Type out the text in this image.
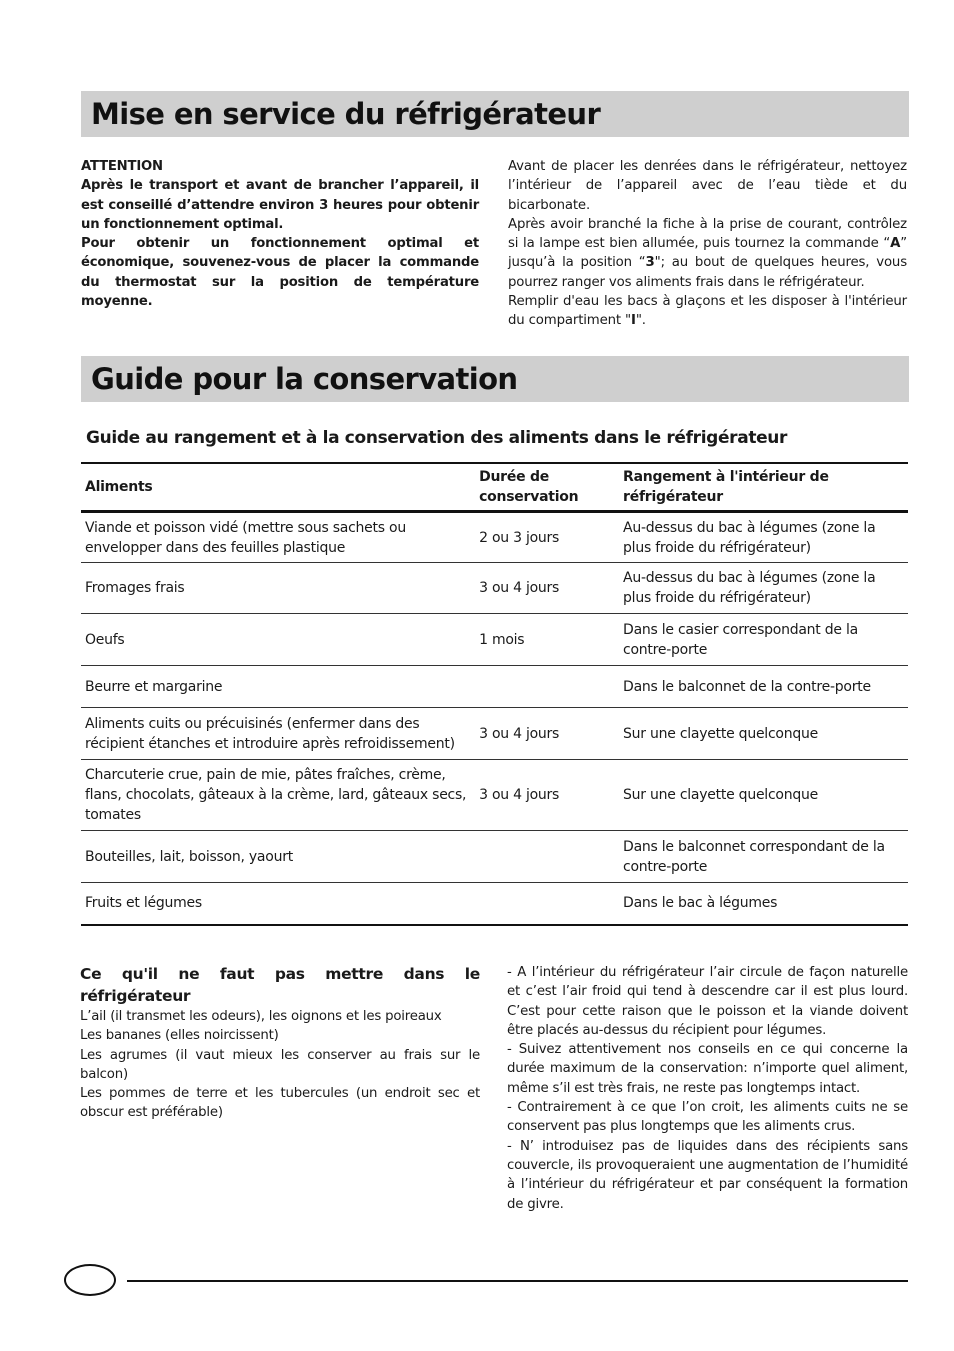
Mise en service du réfrigérateur

ATTENTION

Après le transport et avant de brancher l’appareil, il est conseillé d’attendre environ 3 heures pour obtenir un fonctionnement optimal.

Pour obtenir un fonctionnement optimal et économique, souvenez-vous de placer la commande du thermostat sur la position de température moyenne.

Avant de placer les denrées dans le réfrigérateur, nettoyez l’intérieur de l’appareil avec de l’eau tiède et du bicarbonate.

Après avoir branché la fiche à la prise de courant, contrôlez si la lampe est bien allumée, puis tournez la commande “A” jusqu’à la position “3"; au bout de quelques heures, vous pourrez ranger vos aliments frais dans le réfrigérateur.

Remplir d'eau les bacs à glaçons et les disposer à l'intérieur du compartiment "I".

Guide pour la conservation
Guide au rangement et à la conservation des aliments dans le réfrigérateur
Aliments	Durée de conservation	Rangement à l'intérieur de réfrigérateur
Viande et poisson vidé (mettre sous sachets ou envelopper dans des feuilles plastique	2 ou 3 jours	Au-dessus du bac à légumes (zone la plus froide du réfrigérateur)
Fromages frais	3 ou 4 jours	Au-dessus du bac à légumes (zone la plus froide du réfrigérateur)
Oeufs	1 mois	Dans le casier correspondant de la contre-porte
Beurre et margarine		Dans le balconnet de la contre-porte
Aliments cuits ou précuisinés (enfermer dans des récipient étanches et introduire après refroidissement)	3 ou 4 jours	Sur une clayette quelconque
Charcuterie crue, pain de mie, pâtes fraîches, crème, flans, chocolats, gâteaux à la crème, lard, gâteaux secs, tomates	3 ou 4 jours	Sur une clayette quelconque
Bouteilles, lait, boisson, yaourt		Dans le balconnet correspondant de la contre-porte
Fruits et légumes		Dans le bac à légumes
Ce qu'il ne faut pas mettre dans le réfrigérateur

L’ail (il transmet les odeurs), les oignons et les poireaux

Les bananes (elles noircissent)

Les agrumes (il vaut mieux les conserver au frais sur le balcon)

Les pommes de terre et les tubercules (un endroit sec et obscur est préférable)

- A l’intérieur du réfrigérateur l’air circule de façon naturelle et c’est l’air froid qui tend à descendre car il est plus lourd. C’est pour cette raison que le poisson et la viande doivent être placés au-dessus du récipient pour légumes.

- Suivez attentivement nos conseils en ce qui concerne la durée maximum de la conservation: n’importe quel aliment, même s’il est très frais, ne reste pas longtemps intact.

- Contrairement à ce que l’on croit, les aliments cuits ne se conservent pas plus longtemps que les aliments crus.

- N’ introduisez pas de liquides dans des récipients sans couvercle, ils provoqueraient une augmentation de l’humidité à l’intérieur du réfrigérateur et par conséquent la formation de givre.
